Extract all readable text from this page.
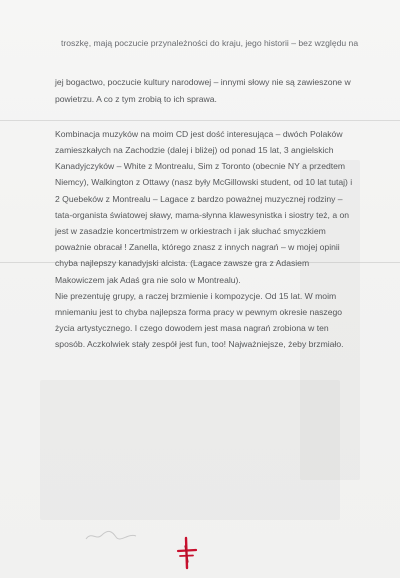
troszkę, mają poczucie przynależności do kraju, jego historii – bez względu na
jej bogactwo, poczucie kultury narodowej – innymi słowy nie są zawieszone w
powietrzu. A co z tym zrobią to ich sprawa.
Kombinacja muzyków na moim CD jest dość interesująca – dwóch Polaków
zamieszkałych na Zachodzie (dalej i bliżej) od ponad 15 lat, 3 angielskich
Kanadyjczyków – White z Montrealu, Sim z Toronto (obecnie NY a przedtem
Niemcy), Walkington z Ottawy (nasz były McGillowski student, od 10 lat tutaj) i
2 Quebeków z Montrealu – Lagace z bardzo poważnej muzycznej rodziny –
tata-organista światowej sławy, mama-słynna klawesynistka i siostry też, a on
jest w zasadzie koncertmistrzem w orkiestrach i jak słuchać smyczkiem
poważnie obracał ! Zanella, którego znasz z innych nagrań – w mojej opinii
chyba najlepszy kanadyjski alcista. (Lagace zawsze gra z Adasiem
Makowiczem jak Adaś gra nie solo w Montrealu).
Nie prezentuję grupy, a raczej brzmienie i kompozycje. Od 15 lat. W moim
mniemaniu jest to chyba najlepsza forma pracy w pewnym okresie naszego
życia artystycznego. I czego dowodem jest masa nagrań zrobiona w ten
sposób. Aczkolwiek stały zespół jest fun, too! Najważniejsze, żeby brzmiało.
